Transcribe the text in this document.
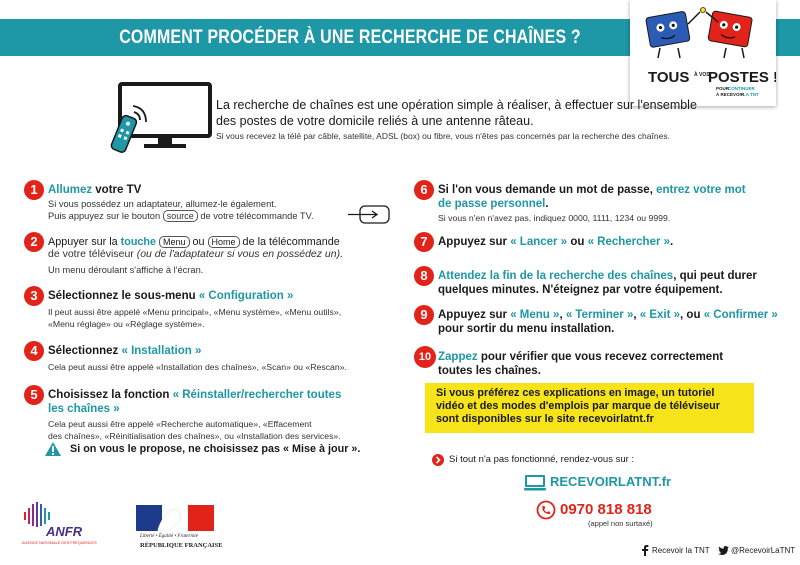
COMMENT PROCÉDER À UNE RECHERCHE DE CHAÎNES ?
TOUS À VOS
POSTES !
POUR
CONTINUER
À RECEVOIR
LA TNT
La recherche de chaînes est une opération simple à réaliser, à effectuer sur l'ensemble des postes de votre domicile reliés à une antenne râteau.
Si vous recevez la télé par câble, satellite, ADSL (box) ou fibre, vous n'êtes pas concernés par la recherche des chaînes.
1 Allumez votre TV
Si vous possédez un adaptateur, allumez-le également.
Puis appuyez sur le bouton source de votre télécommande TV.
2 Appuyer sur la touche Menu ou Home de la télécommande
de votre téléviseur (ou de l'adaptateur si vous en possédez un).
Un menu déroulant s'affiche à l'écran.
3 Sélectionnez le sous-menu « Configuration »
Il peut aussi être appelé «Menu principal», «Menu système», «Menu outils»,
«Menu réglage» ou «Réglage système».
4 Sélectionnez « Installation »
Cela peut aussi être appelé «Installation des chaînes», «Scan» ou «Rescan».
5 Choisissez la fonction « Réinstaller/rechercher toutes
les chaînes »
Cela peut aussi être appelé «Recherche automatique», «Effacement
des chaînes», «Réinitialisation des chaînes», ou «Installation des services».
Si on vous le propose, ne choisissez pas « Mise à jour ».
6 Si l'on vous demande un mot de passe, entrez votre mot
de passe personnel.
Si vous n'en n'avez pas, indiquez 0000, 1111, 1234 ou 9999.
7 Appuyez sur « Lancer » ou « Rechercher ».
8 Attendez la fin de la recherche des chaînes, qui peut durer
quelques minutes. N'éteignez par votre équipement.
9 Appuyez sur « Menu », « Terminer », « Exit », ou « Confirmer »
pour sortir du menu installation.
10 Zappez pour vérifier que vous recevez correctement
toutes les chaînes.
Si vous préférez ces explications en image, un tutoriel
vidéo et des modes d'emplois par marque de téléviseur
sont disponibles sur le site recevoirlatnt.fr
Si tout n'a pas fonctionné, rendez-vous sur :
RECEVOIRLATNT.fr
0970 818 818
(appel non surtaxé)
ANFR
AGENCE NATIONALE DES FRÉQUENCES
Liberté • Égalité • Fraternité
RÉPUBLIQUE FRANÇAISE
Recevoir la TNT	@RecevoirLaTNT
